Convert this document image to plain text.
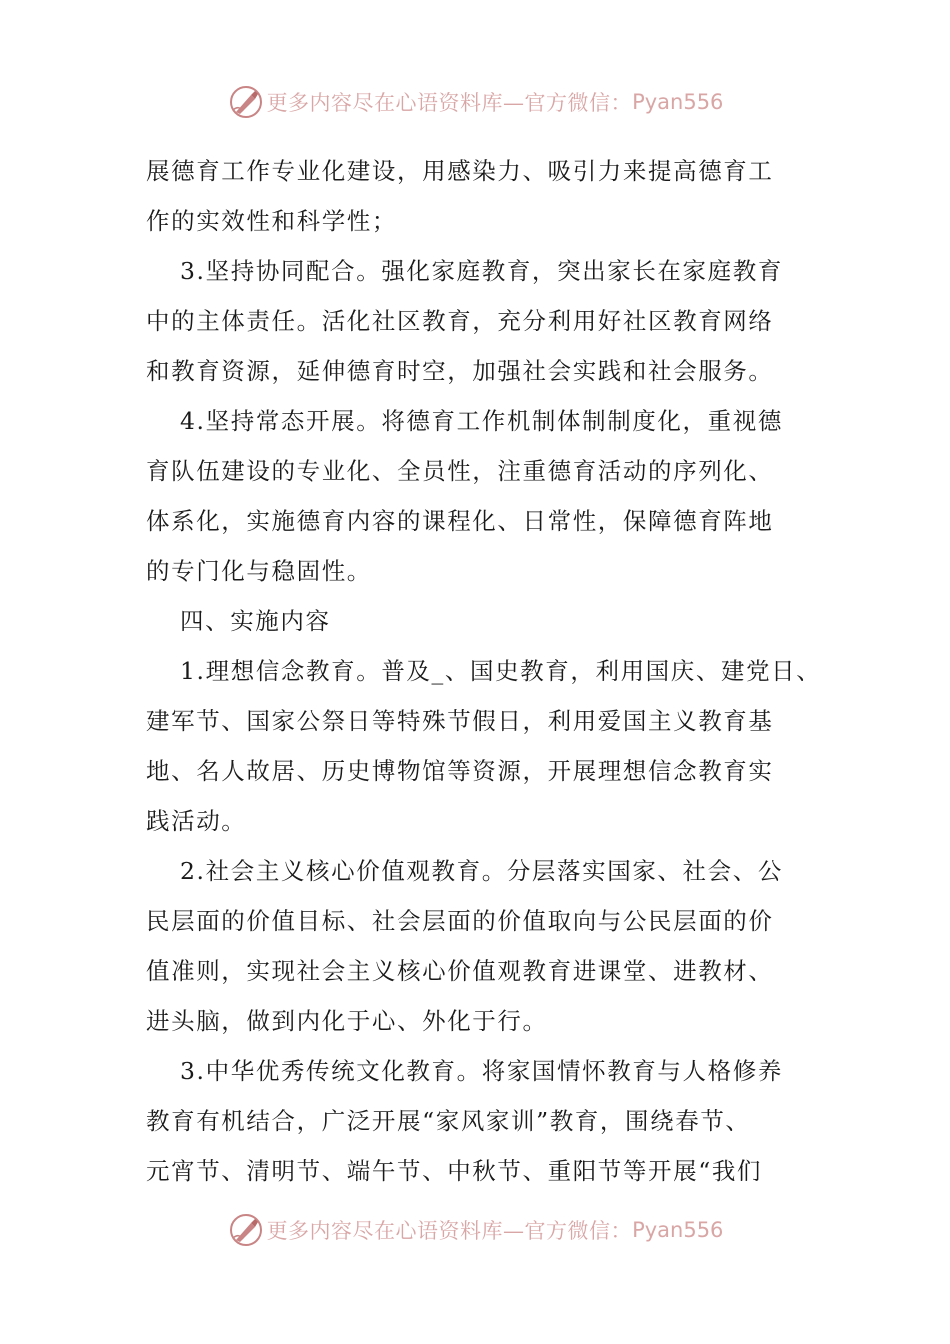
更多内容尽在心语资料库—官方微信： Pyan556
展德育工作专业化建设，用感染力、吸引力来提高德育工
作的实效性和科学性；
3.坚持协同配合。强化家庭教育，突出家长在家庭教育
中的主体责任。活化社区教育，充分利用好社区教育网络
和教育资源，延伸德育时空，加强社会实践和社会服务。
4.坚持常态开展。将德育工作机制体制制度化，重视德
育队伍建设的专业化、全员性，注重德育活动的序列化、
体系化，实施德育内容的课程化、日常性，保障德育阵地
的专门化与稳固性。
四、实施内容
1.理想信念教育。普及_、国史教育，利用国庆、建党日、
建军节、国家公祭日等特殊节假日，利用爱国主义教育基
地、名人故居、历史博物馆等资源，开展理想信念教育实
践活动。
2.社会主义核心价值观教育。分层落实国家、社会、公
民层面的价值目标、社会层面的价值取向与公民层面的价
值准则，实现社会主义核心价值观教育进课堂、进教材、
进头脑，做到内化于心、外化于行。
3.中华优秀传统文化教育。将家国情怀教育与人格修养
教育有机结合，广泛开展“家风家训”教育，围绕春节、
元宵节、清明节、端午节、中秋节、重阳节等开展“我们
更多内容尽在心语资料库—官方微信： Pyan556
